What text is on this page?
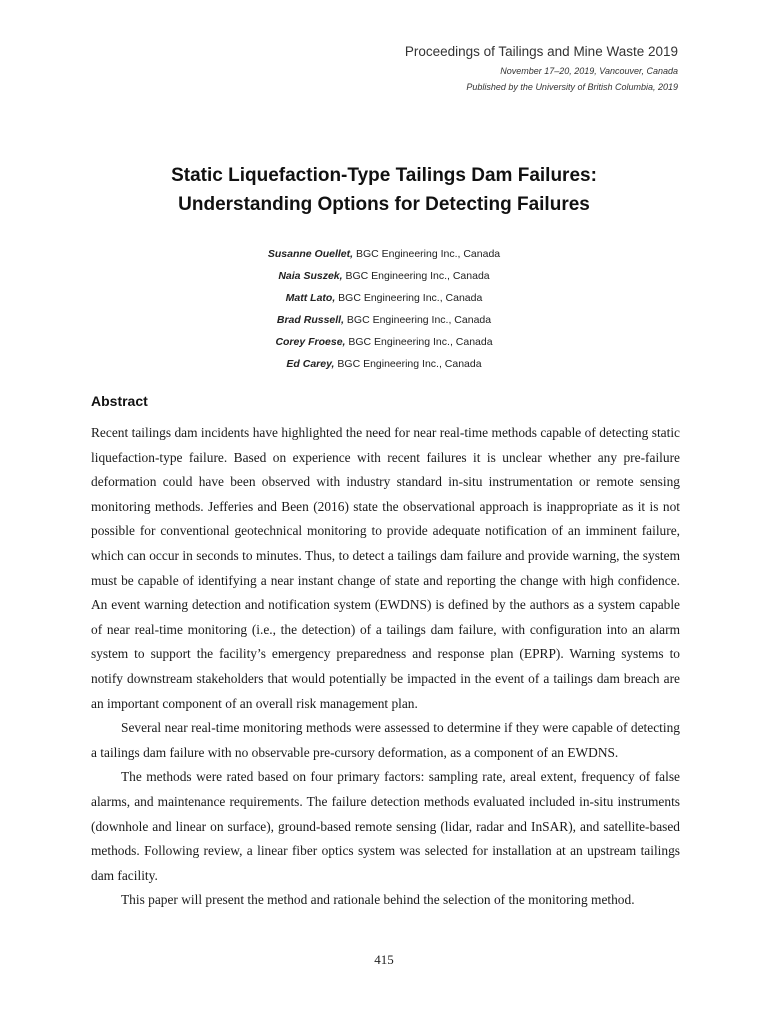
Proceedings of Tailings and Mine Waste 2019
November 17–20, 2019, Vancouver, Canada
Published by the University of British Columbia, 2019
Static Liquefaction-Type Tailings Dam Failures:
Understanding Options for Detecting Failures
Susanne Ouellet, BGC Engineering Inc., Canada
Naia Suszek, BGC Engineering Inc., Canada
Matt Lato, BGC Engineering Inc., Canada
Brad Russell, BGC Engineering Inc., Canada
Corey Froese, BGC Engineering Inc., Canada
Ed Carey, BGC Engineering Inc., Canada
Abstract

Recent tailings dam incidents have highlighted the need for near real-time methods capable of detecting static liquefaction-type failure. Based on experience with recent failures it is unclear whether any pre-failure deformation could have been observed with industry standard in-situ instrumentation or remote sensing monitoring methods. Jefferies and Been (2016) state the observational approach is inappropriate as it is not possible for conventional geotechnical monitoring to provide adequate notification of an imminent failure, which can occur in seconds to minutes. Thus, to detect a tailings dam failure and provide warning, the system must be capable of identifying a near instant change of state and reporting the change with high confidence. An event warning detection and notification system (EWDNS) is defined by the authors as a system capable of near real-time monitoring (i.e., the detection) of a tailings dam failure, with configuration into an alarm system to support the facility’s emergency preparedness and response plan (EPRP). Warning systems to notify downstream stakeholders that would potentially be impacted in the event of a tailings dam breach are an important component of an overall risk management plan.

Several near real-time monitoring methods were assessed to determine if they were capable of detecting a tailings dam failure with no observable pre-cursory deformation, as a component of an EWDNS.

The methods were rated based on four primary factors: sampling rate, areal extent, frequency of false alarms, and maintenance requirements. The failure detection methods evaluated included in-situ instruments (downhole and linear on surface), ground-based remote sensing (lidar, radar and InSAR), and satellite-based methods. Following review, a linear fiber optics system was selected for installation at an upstream tailings dam facility.

This paper will present the method and rationale behind the selection of the monitoring method.

415
